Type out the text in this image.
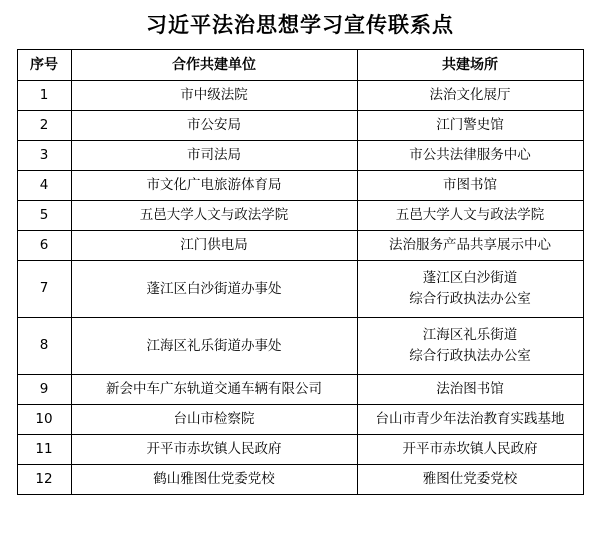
习近平法治思想学习宣传联系点
序号	合作共建单位	共建场所
1	市中级法院	法治文化展厅

2	市公安局	江门警史馆

3	市司法局	市公共法律服务中心

4	市文化广电旅游体育局	市图书馆

5	五邑大学人文与政法学院	五邑大学人文与政法学院

6	江门供电局	法治服务产品共享展示中心

7	蓬江区白沙街道办事处	蓬江区白沙街道
综合行政执法办公室

8	江海区礼乐街道办事处	江海区礼乐街道
综合行政执法办公室

9	新会中车广东轨道交通车辆有限公司	法治图书馆

10	台山市检察院	台山市青少年法治教育实践基地

11	开平市赤坎镇人民政府	开平市赤坎镇人民政府

12	鹤山雅图仕党委党校	雅图仕党委党校
